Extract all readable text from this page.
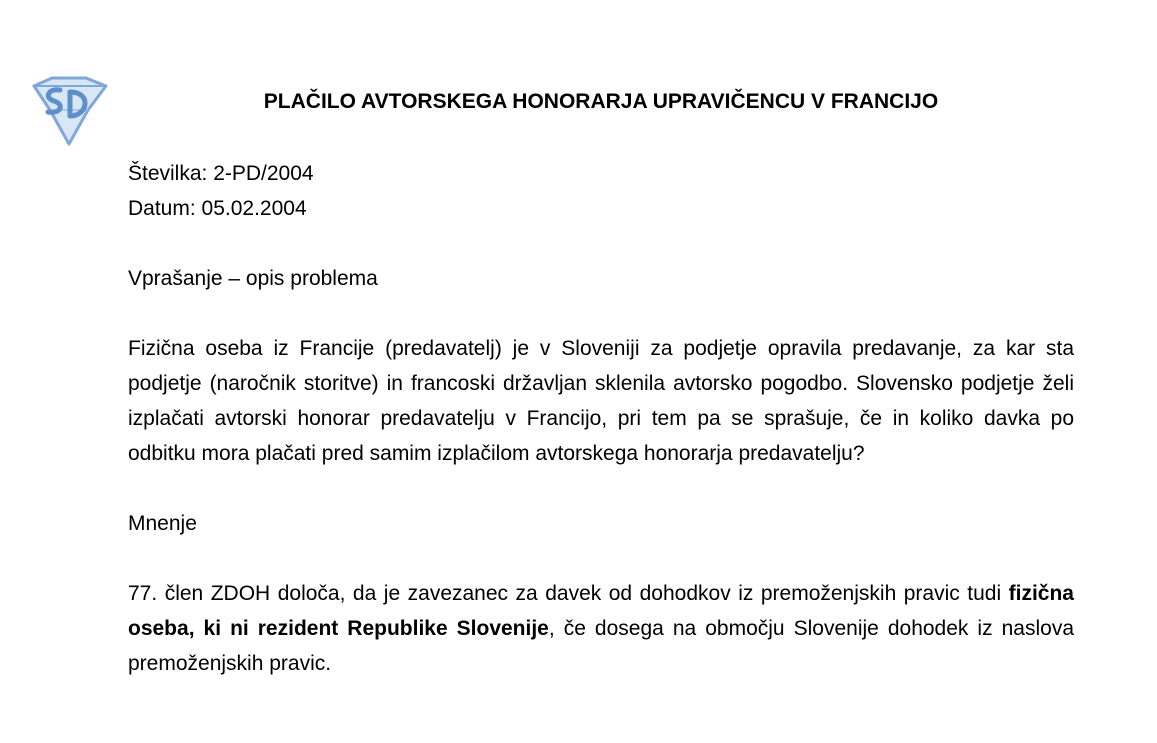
PLAČILO AVTORSKEGA HONORARJA UPRAVIČENCU V FRANCIJO

Številka: 2-PD/2004

Datum: 05.02.2004

Vprašanje – opis problema

Fizična oseba iz Francije (predavatelj) je v Sloveniji za podjetje opravila predavanje, za kar sta podjetje (naročnik storitve) in francoski državljan sklenila avtorsko pogodbo. Slovensko podjetje želi izplačati avtorski honorar predavatelju v Francijo, pri tem pa se sprašuje, če in koliko davka po odbitku mora plačati pred samim izplačilom avtorskega honorarja predavatelju?

Mnenje

77. člen ZDOH določa, da je zavezanec za davek od dohodkov iz premoženjskih pravic tudi fizična oseba, ki ni rezident Republike Slovenije, če dosega na območju Slovenije dohodek iz naslova premoženjskih pravic.
